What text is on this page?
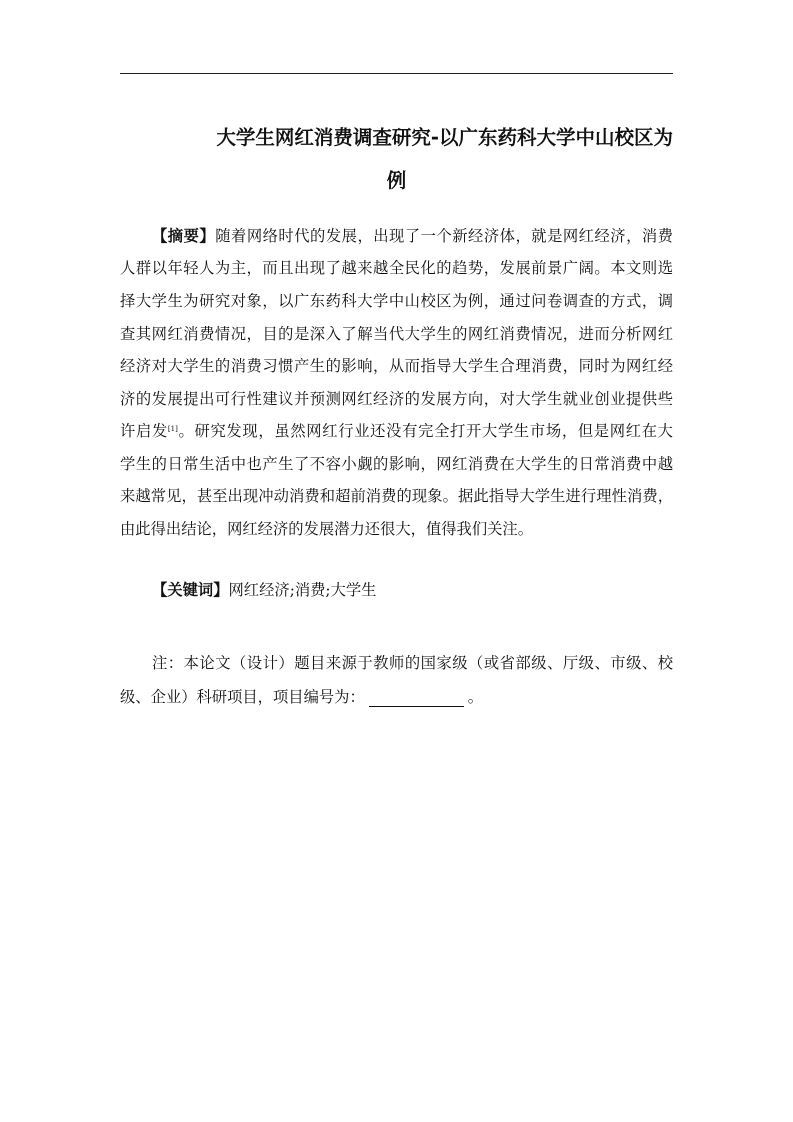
大学生网红消费调查研究-以广东药科大学中山校区为
例
【摘要】随着网络时代的发展，出现了一个新经济体，就是网红经济，消费
人群以年轻人为主，而且出现了越来越全民化的趋势，发展前景广阔。本文则选
择大学生为研究对象，以广东药科大学中山校区为例，通过问卷调查的方式，调
查其网红消费情况，目的是深入了解当代大学生的网红消费情况，进而分析网红
经济对大学生的消费习惯产生的影响，从而指导大学生合理消费，同时为网红经
济的发展提出可行性建议并预测网红经济的发展方向，对大学生就业创业提供些
许启发[1]。研究发现，虽然网红行业还没有完全打开大学生市场，但是网红在大
学生的日常生活中也产生了不容小觑的影响，网红消费在大学生的日常消费中越
来越常见，甚至出现冲动消费和超前消费的现象。据此指导大学生进行理性消费，
由此得出结论，网红经济的发展潜力还很大，值得我们关注。
【关键词】网红经济;消费;大学生
注：本论文（设计）题目来源于教师的国家级（或省部级、厅级、市级、校
级、企业）科研项目，项目编号为：	。
